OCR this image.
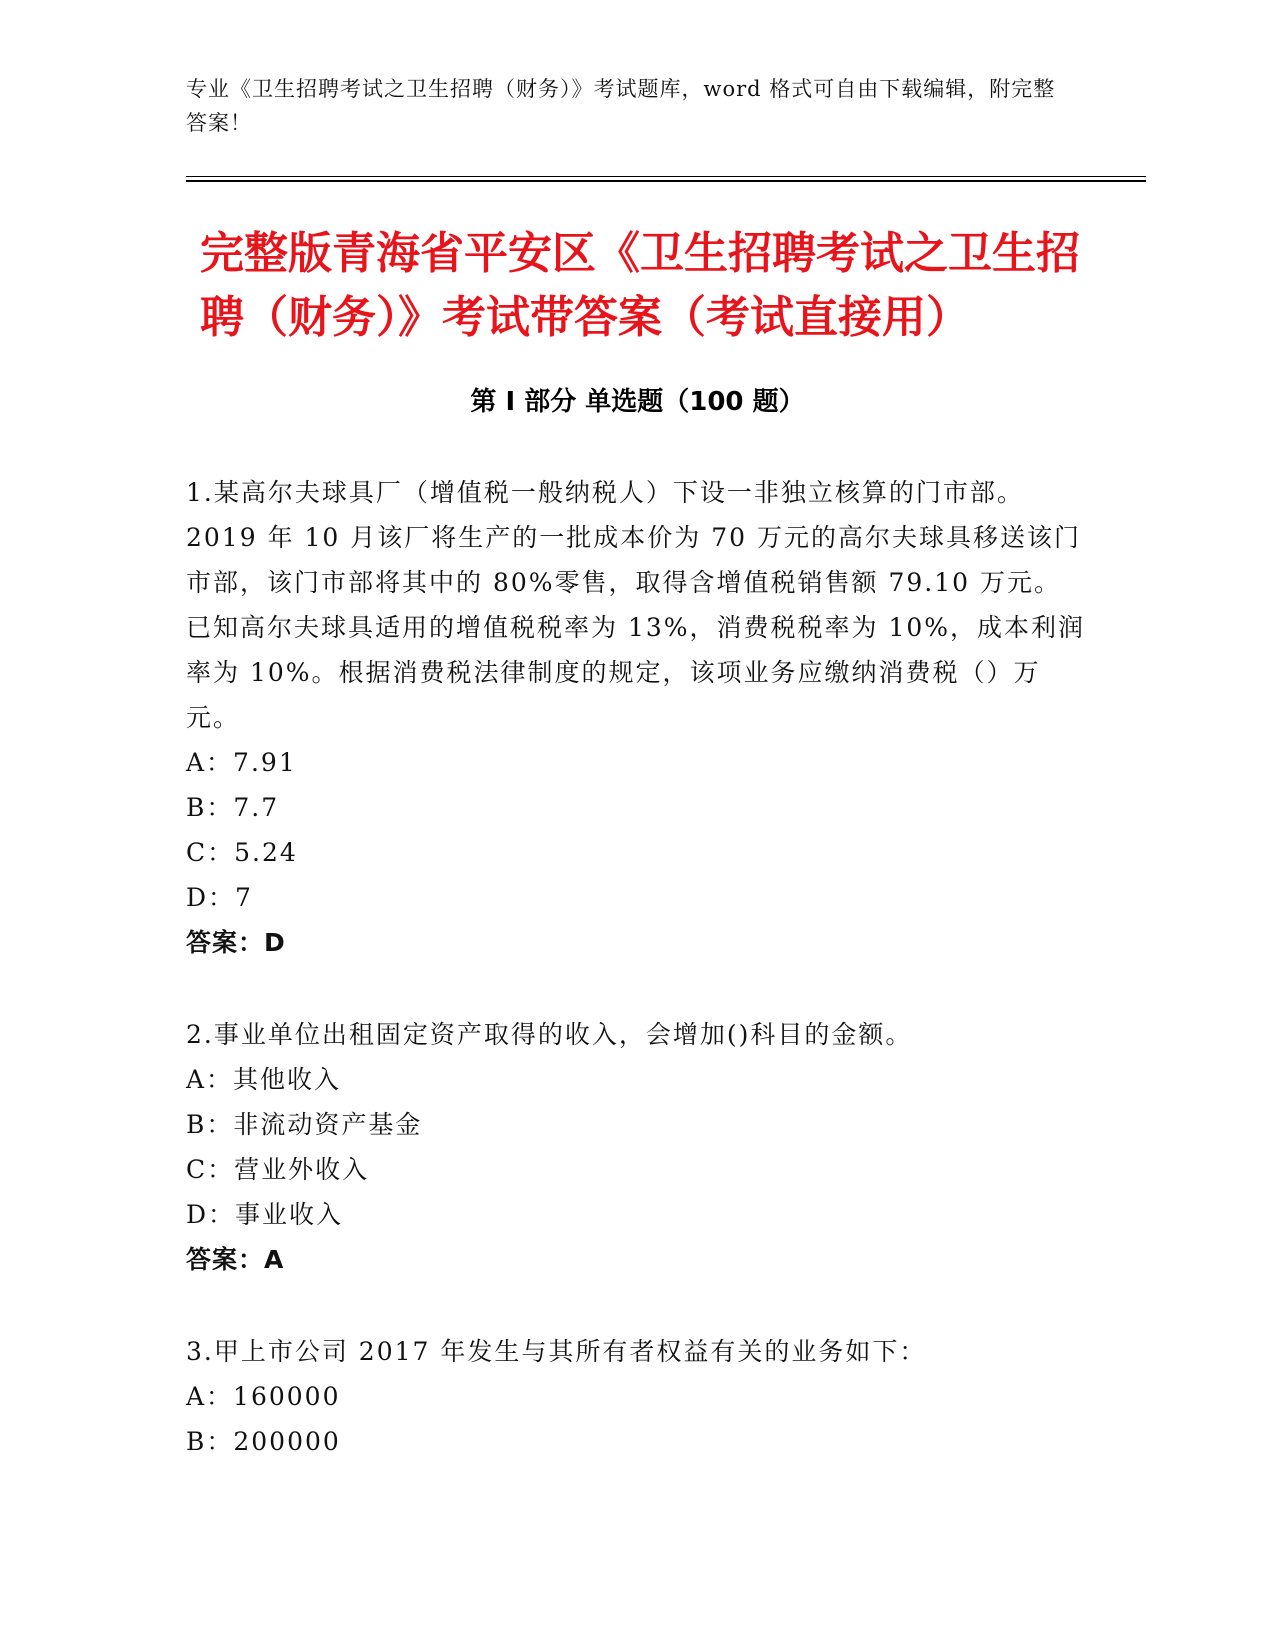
专业《卫生招聘考试之卫生招聘（财务）》考试题库，word 格式可自由下载编辑，附完整答案！
完整版青海省平安区《卫生招聘考试之卫生招聘（财务）》考试带答案（考试直接用）
第 I 部分 单选题（100 题）

1.某高尔夫球具厂（增值税一般纳税人）下设一非独立核算的门市部。2019 年 10 月该厂将生产的一批成本价为 70 万元的高尔夫球具移送该门市部，该门市部将其中的 80%零售，取得含增值税销售额 79.10 万元。已知高尔夫球具适用的增值税税率为 13%，消费税税率为 10%，成本利润率为 10%。根据消费税法律制度的规定，该项业务应缴纳消费税（）万元。

A：7.91

B：7.7

C：5.24

D：7

答案：D

2.事业单位出租固定资产取得的收入，会增加()科目的金额。

A：其他收入

B：非流动资产基金

C：营业外收入

D：事业收入

答案：A

3.甲上市公司 2017 年发生与其所有者权益有关的业务如下：

A：160000

B：200000
